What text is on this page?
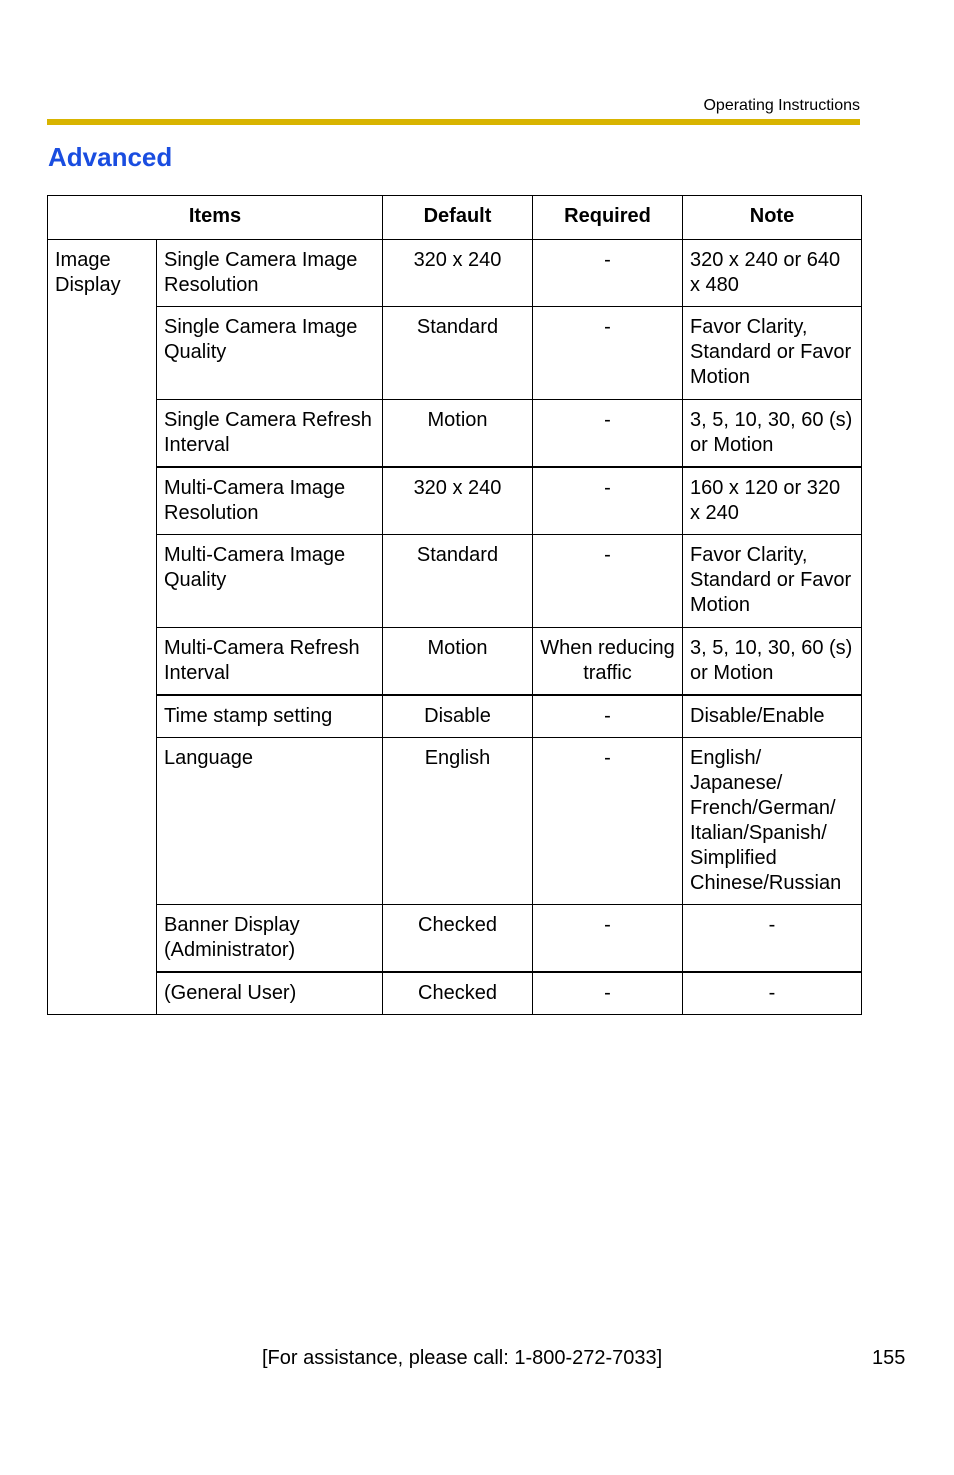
Operating Instructions
Advanced
Items		Default	Required	Note
Image Display	Single Camera Image Resolution	320 x 240	-	320 x 240 or 640 x 480
	Single Camera Image Quality	Standard	-	Favor Clarity, Standard or Favor Motion
	Single Camera Refresh Interval	Motion	-	3, 5, 10, 30, 60 (s) or Motion
	Multi-Camera Image Resolution	320 x 240	-	160 x 120 or 320 x 240
	Multi-Camera Image Quality	Standard	-	Favor Clarity, Standard or Favor Motion
	Multi-Camera Refresh Interval	Motion	When reducing traffic	3, 5, 10, 30, 60 (s) or Motion
	Time stamp setting	Disable	-	Disable/Enable
	Language	English	-	English/ Japanese/ French/German/ Italian/Spanish/ Simplified Chinese/Russian
	Banner Display (Administrator)	Checked	-	-
	(General User)	Checked	-	-
[For assistance, please call: 1-800-272-7033]	155
